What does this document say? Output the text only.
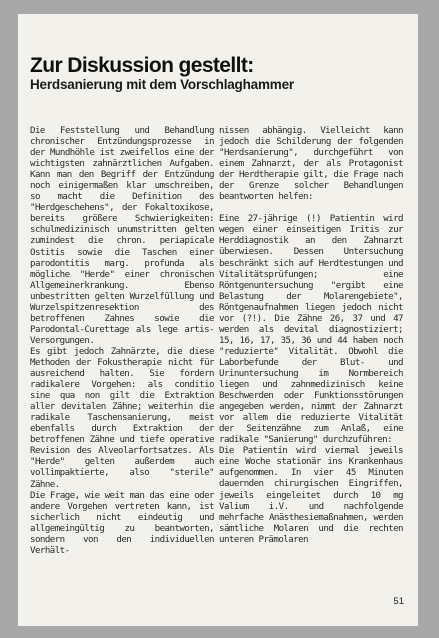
Zur Diskussion gestellt:
Herdsanierung mit dem Vorschlaghammer

Die Feststellung und Behandlung chronischer Entzündungsprozesse in der Mundhöhle ist zweifellos eine der wichtigsten zahnärztlichen Aufgaben. Kann man den Begriff der Entzündung noch einigermaßen klar umschreiben, so macht die Definition des "Herdgeschehens", der Fokaltoxikose, bereits größere Schwierigkeiten: schulmedizinisch unumstritten gelten zumindest die chron. periapicale Ostitis sowie die Taschen einer parodontitis marg. profunda als mögliche "Herde" einer chronischen Allgemeinerkrankung. Ebenso unbestritten gelten Wurzelfüllung und Wurzelspitzenresektion des betroffenen Zahnes sowie die Parodontal-Curettage als lege artis-Versorgungen.

Es gibt jedoch Zahnärzte, die diese Methoden der Fokustherapie nicht für ausreichend halten. Sie fordern radikalere Vorgehen: als conditio sine qua non gilt die Extraktion aller devitalen Zähne; weiterhin die radikale Taschensanierung, meist ebenfalls durch Extraktion der betroffenen Zähne und tiefe operative Revision des Alveolarfortsatzes. Als "Herde" gelten außerdem auch vollimpaktierte, also "sterile" Zähne.

Die Frage, wie weit man das eine oder andere Vorgehen vertreten kann, ist sicherlich nicht eindeutig und allgemeingültig zu beantworten, sondern von den individuellen Verhält-

nissen abhängig. Vielleicht kann jedoch die Schilderung der folgenden "Herdsanierung", durchgeführt von einem Zahnarzt, der als Protagonist der Herdtherapie gilt, die Frage nach der Grenze solcher Behandlungen beantworten helfen:

Eine 27-jährige (!) Patientin wird wegen einer einseitigen Iritis zur Herddiagnostik an den Zahnarzt überwiesen. Dessen Untersuchung beschränkt sich auf Herdtestungen und Vitalitätsprüfungen; eine Röntgenuntersuchung "ergibt eine Belastung der Molarengebiete", Röntgenaufnahmen liegen jedoch nicht vor (?!). Die Zähne 26, 37 und 47 werden als devital diagnostiziert; 15, 16, 17, 35, 36 und 44 haben noch "reduzierte" Vitalität. Obwohl die Laborbefunde der Blut- und Urinuntersuchung im Normbereich liegen und zahnmedizinisch keine Beschwerden oder Funktionsstörungen angegeben werden, nimmt der Zahnarzt vor allem die reduzierte Vitalität der Seitenzähne zum Anlaß, eine radikale "Sanierung" durchzuführen:

Die Patientin wird viermal jeweils eine Woche stationär ins Krankenhaus aufgenommen. In vier 45 Minuten dauernden chirurgischen Eingriffen, jeweils eingeleitet durch 10 mg Valium i.V. und nachfolgende mehrfache Anästhesiemaßnahmen, werden sämtliche Molaren und die rechten unteren Prämolaren

51
